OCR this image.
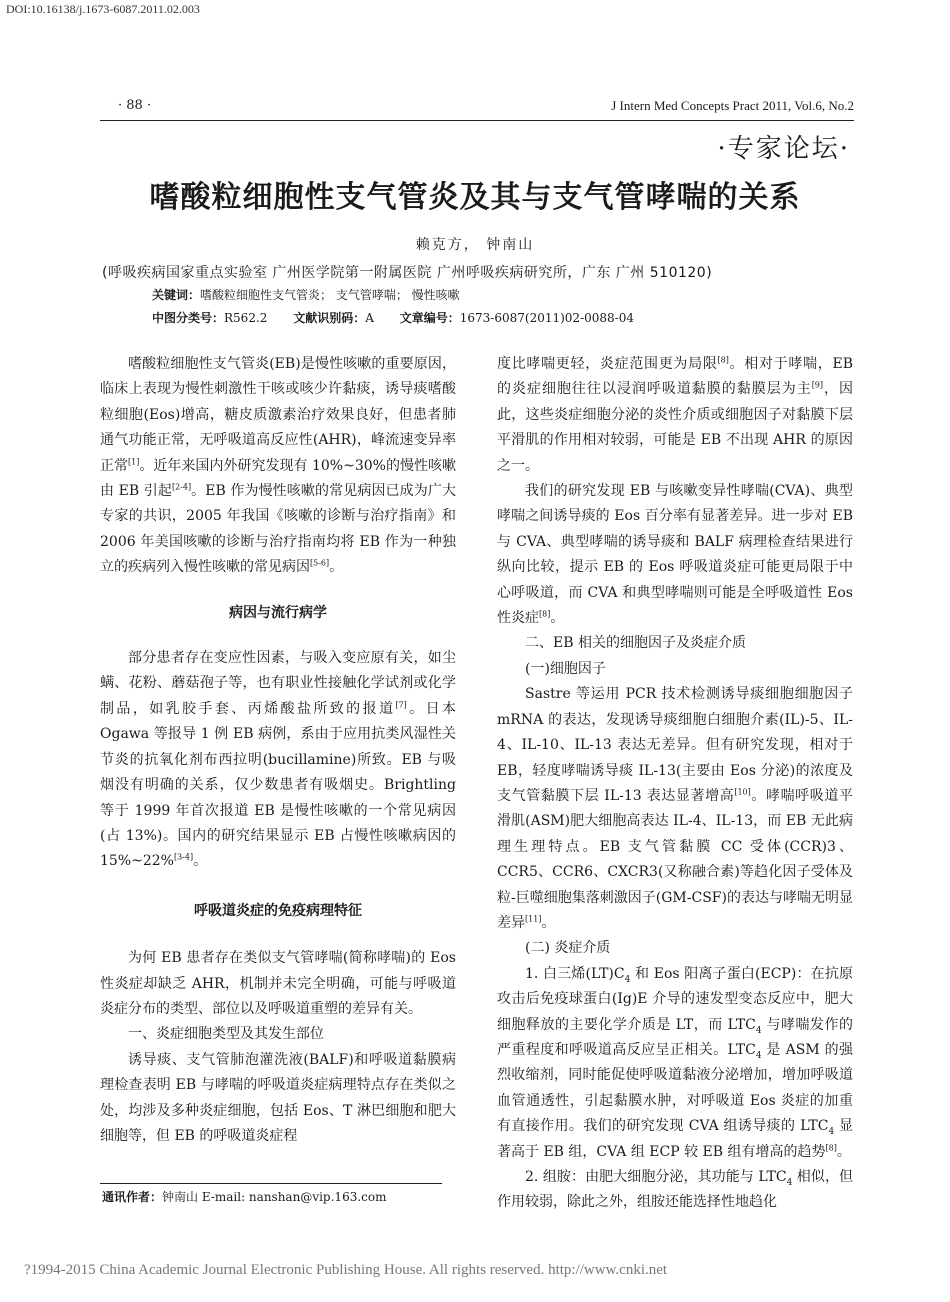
DOI:10.16138/j.1673-6087.2011.02.003
· 88 ·	J Intern Med Concepts Pract 2011, Vol.6, No.2
·专家论坛·
嗜酸粒细胞性支气管炎及其与支气管哮喘的关系
赖克方， 钟南山
(呼吸疾病国家重点实验室 广州医学院第一附属医院 广州呼吸疾病研究所，广东 广州 510120)
关键词：嗜酸粒细胞性支气管炎； 支气管哮喘； 慢性咳嗽
中图分类号：R562.2 文献识别码：A 文章编号：1673-6087(2011)02-0088-04

嗜酸粒细胞性支气管炎(EB)是慢性咳嗽的重要原因，临床上表现为慢性刺激性干咳或咳少许黏痰，诱导痰嗜酸粒细胞(Eos)增高，糖皮质激素治疗效果良好，但患者肺通气功能正常，无呼吸道高反应性(AHR)，峰流速变异率正常[1]。近年来国内外研究发现有 10%~30%的慢性咳嗽由 EB 引起[2-4]。EB 作为慢性咳嗽的常见病因已成为广大专家的共识，2005 年我国《咳嗽的诊断与治疗指南》和 2006 年美国咳嗽的诊断与治疗指南均将 EB 作为一种独立的疾病列入慢性咳嗽的常见病因[5-6]。

病因与流行病学

部分患者存在变应性因素，与吸入变应原有关，如尘螨、花粉、蘑菇孢子等，也有职业性接触化学试剂或化学制品，如乳胶手套、丙烯酸盐所致的报道[7]。日本 Ogawa 等报导 1 例 EB 病例，系由于应用抗类风湿性关节炎的抗氧化剂布西拉明(bucillamine)所致。EB 与吸烟没有明确的关系，仅少数患者有吸烟史。Brightling 等于 1999 年首次报道 EB 是慢性咳嗽的一个常见病因(占 13%)。国内的研究结果显示 EB 占慢性咳嗽病因的 15%~22%[3-4]。

呼吸道炎症的免疫病理特征

为何 EB 患者存在类似支气管哮喘(简称哮喘)的 Eos 性炎症却缺乏 AHR，机制并未完全明确，可能与呼吸道炎症分布的类型、部位以及呼吸道重塑的差异有关。

一、炎症细胞类型及其发生部位

诱导痰、支气管肺泡灌洗液(BALF)和呼吸道黏膜病理检查表明 EB 与哮喘的呼吸道炎症病理特点存在类似之处，均涉及多种炎症细胞，包括 Eos、T 淋巴细胞和肥大细胞等，但 EB 的呼吸道炎症程

度比哮喘更轻，炎症范围更为局限[8]。相对于哮喘，EB 的炎症细胞往往以浸润呼吸道黏膜的黏膜层为主[9]，因此，这些炎症细胞分泌的炎性介质或细胞因子对黏膜下层平滑肌的作用相对较弱，可能是 EB 不出现 AHR 的原因之一。

我们的研究发现 EB 与咳嗽变异性哮喘(CVA)、典型哮喘之间诱导痰的 Eos 百分率有显著差异。进一步对 EB 与 CVA、典型哮喘的诱导痰和 BALF 病理检查结果进行纵向比较，提示 EB 的 Eos 呼吸道炎症可能更局限于中心呼吸道，而 CVA 和典型哮喘则可能是全呼吸道性 Eos 性炎症[8]。

二、EB 相关的细胞因子及炎症介质

(一)细胞因子

Sastre 等运用 PCR 技术检测诱导痰细胞细胞因子 mRNA 的表达，发现诱导痰细胞白细胞介素(IL)-5、IL-4、IL-10、IL-13 表达无差异。但有研究发现，相对于 EB，轻度哮喘诱导痰 IL-13(主要由 Eos 分泌)的浓度及支气管黏膜下层 IL-13 表达显著增高[10]。哮喘呼吸道平滑肌(ASM)肥大细胞高表达 IL-4、IL-13，而 EB 无此病理生理特点。EB 支气管黏膜 CC 受体(CCR)3、CCR5、CCR6、CXCR3(又称融合素)等趋化因子受体及粒-巨噬细胞集落刺激因子(GM-CSF)的表达与哮喘无明显差异[11]。

(二) 炎症介质

1. 白三烯$(LT)C_4$ 和 Eos 阳离子蛋白(ECP)：在抗原攻击后免疫球蛋白(Ig)E 介导的速发型变态反应中，肥大细胞释放的主要化学介质是 LT，而 $LTC_4$ 与哮喘发作的严重程度和呼吸道高反应呈正相关。$LTC_4$ 是 ASM 的强烈收缩剂，同时能促使呼吸道黏液分泌增加，增加呼吸道血管通透性，引起黏膜水肿，对呼吸道 Eos 炎症的加重有直接作用。我们的研究发现 CVA 组诱导痰的 $LTC_4$ 显著高于 EB 组，CVA 组 ECP 较 EB 组有增高的趋势[8]。

2. 组胺：由肥大细胞分泌，其功能与 $LTC_4$ 相似，但作用较弱，除此之外，组胺还能选择性地趋化

通讯作者：钟南山 E-mail: nanshan@vip.163.com
?1994-2015 China Academic Journal Electronic Publishing House. All rights reserved. http://www.cnki.net
